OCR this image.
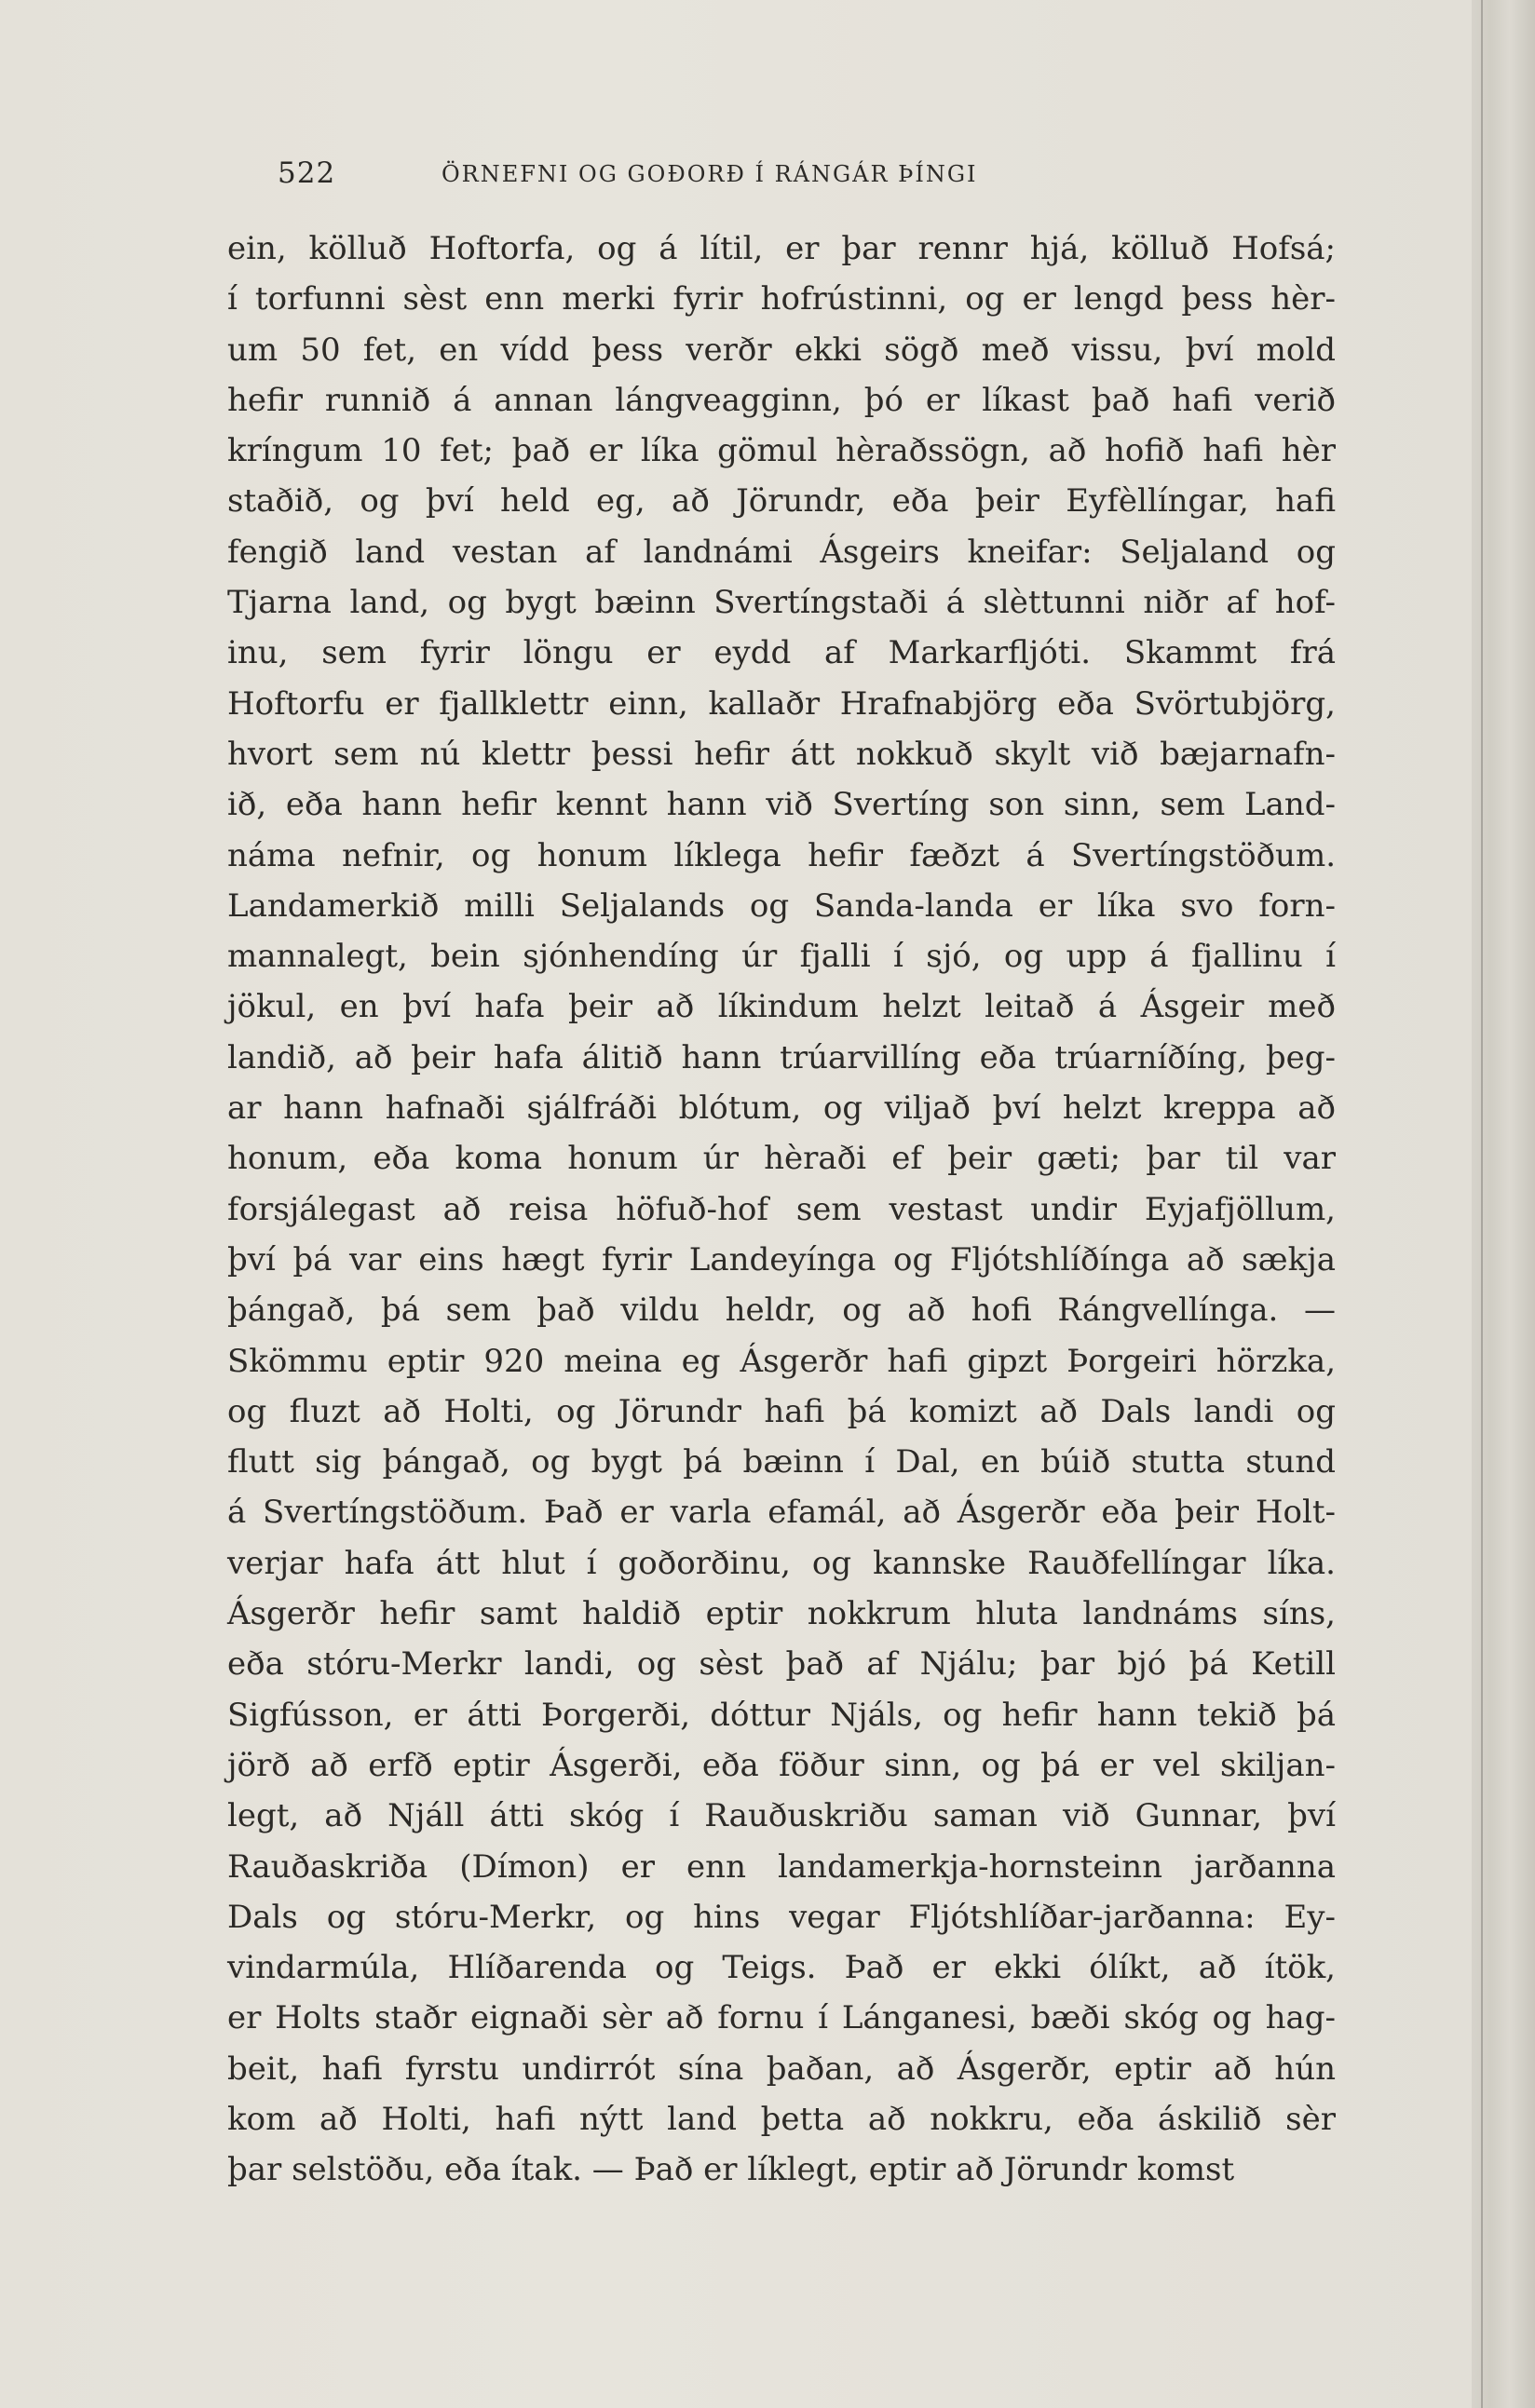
522	ÖRNEFNI OG GOÐORÐ Í RÁNGÁR ÞÍNGI
ein, kölluð Hoftorfa, og á lítil, er þar rennr hjá, kölluð Hofsá;
í torfunni sèst enn merki fyrir hofrústinni, og er lengd þess hèr-
um 50 fet, en vídd þess verðr ekki sögð með vissu, því mold
hefir runnið á annan lángveagginn, þó er líkast það hafi verið
kríngum 10 fet; það er líka gömul hèraðssögn, að hofið hafi hèr
staðið, og því held eg, að Jörundr, eða þeir Eyfèllíngar, hafi
fengið land vestan af landnámi Ásgeirs kneifar: Seljaland og
Tjarna land, og bygt bæinn Svertíngstaði á slèttunni niðr af hof-
inu, sem fyrir löngu er eydd af Markarfljóti. Skammt frá
Hoftorfu er fjallklettr einn, kallaðr Hrafnabjörg eða Svörtubjörg,
hvort sem nú klettr þessi hefir átt nokkuð skylt við bæjarnafn-
ið, eða hann hefir kennt hann við Svertíng son sinn, sem Land-
náma nefnir, og honum líklega hefir fæðzt á Svertíngstöðum.
Landamerkið milli Seljalands og Sanda-landa er líka svo forn-
mannalegt, bein sjónhendíng úr fjalli í sjó, og upp á fjallinu í
jökul, en því hafa þeir að líkindum helzt leitað á Ásgeir með
landið, að þeir hafa álitið hann trúarvillíng eða trúarníðíng, þeg-
ar hann hafnaði sjálfráði blótum, og viljað því helzt kreppa að
honum, eða koma honum úr hèraði ef þeir gæti; þar til var
forsjálegast að reisa höfuð-hof sem vestast undir Eyjafjöllum,
því þá var eins hægt fyrir Landeyínga og Fljótshlíðínga að sækja
þángað, þá sem það vildu heldr, og að hofi Rángvellínga. —
Skömmu eptir 920 meina eg Ásgerðr hafi gipzt Þorgeiri hörzka,
og fluzt að Holti, og Jörundr hafi þá komizt að Dals landi og
flutt sig þángað, og bygt þá bæinn í Dal, en búið stutta stund
á Svertíngstöðum. Það er varla efamál, að Ásgerðr eða þeir Holt-
verjar hafa átt hlut í goðorðinu, og kannske Rauðfellíngar líka.
Ásgerðr hefir samt haldið eptir nokkrum hluta landnáms síns,
eða stóru-Merkr landi, og sèst það af Njálu; þar bjó þá Ketill
Sigfússon, er átti Þorgerði, dóttur Njáls, og hefir hann tekið þá
jörð að erfð eptir Ásgerði, eða föður sinn, og þá er vel skiljan-
legt, að Njáll átti skóg í Rauðuskriðu saman við Gunnar, því
Rauðaskriða (Dímon) er enn landamerkja-hornsteinn jarðanna
Dals og stóru-Merkr, og hins vegar Fljótshlíðar-jarðanna: Ey-
vindarmúla, Hlíðarenda og Teigs. Það er ekki ólíkt, að ítök,
er Holts staðr eignaði sèr að fornu í Lánganesi, bæði skóg og hag-
beit, hafi fyrstu undirrót sína þaðan, að Ásgerðr, eptir að hún
kom að Holti, hafi nýtt land þetta að nokkru, eða áskilið sèr
þar selstöðu, eða ítak. — Það er líklegt, eptir að Jörundr komst
